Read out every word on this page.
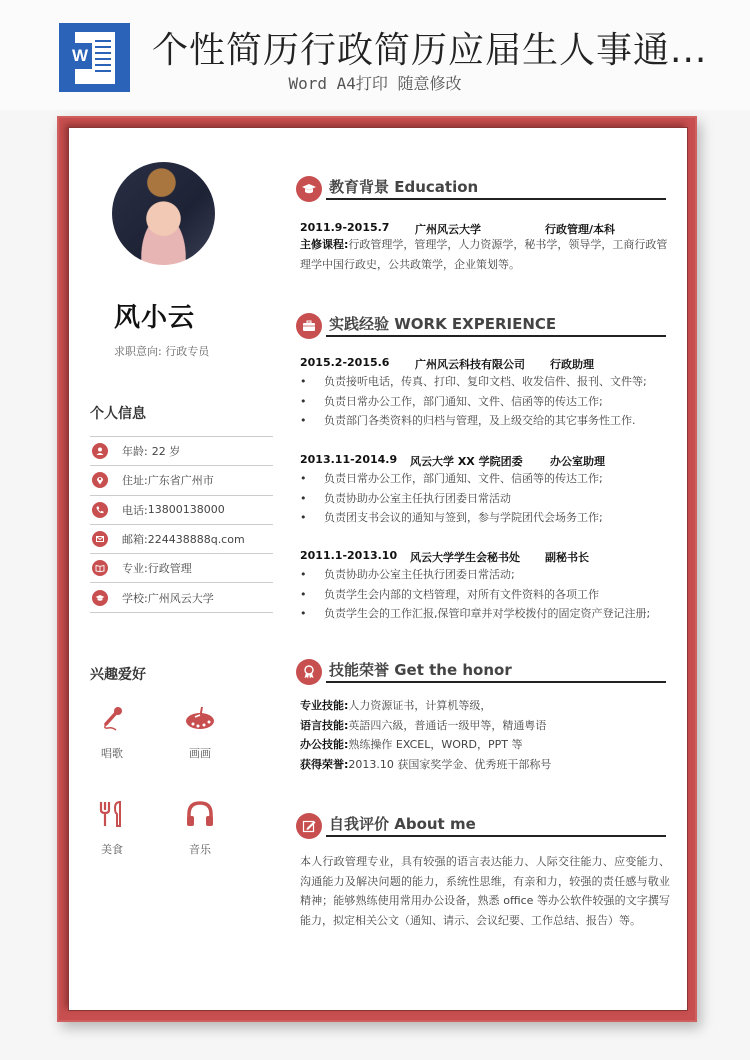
W 个性简历行政简历应届生人事通...
Word A4打印 随意修改
风小云
求职意向: 行政专员
个人信息
年龄: 22 岁
住址: 广东省广州市
电话: 13800138000
邮箱: 224438888q.com
专业: 行政管理
学校: 广州风云大学
兴趣爱好
唱歌	画画
美食	音乐
教育背景 Education
2011.9-2015.7 广州风云大学	行政管理/本科
主修课程:行政管理学，管理学，人力资源学，秘书学，领导学，工商行政管理学中国行政史，公共政策学，企业策划等。
实践经验 WORK EXPERIENCE
2015.2-2015.6 广州风云科技有限公司 行政助理
• 负责接听电话，传真、打印、复印文档、收发信件、报刊、文件等;
• 负责日常办公工作，部门通知、文件、信函等的传达工作;
• 负责部门各类资料的归档与管理，及上级交给的其它事务性工作.
2013.11-2014.9 风云大学 XX 学院团委 办公室助理
• 负责日常办公工作，部门通知、文件、信函等的传达工作;
• 负责协助办公室主任执行团委日常活动
• 负责团支书会议的通知与签到，参与学院团代会场务工作;
2011.1-2013.10 风云大学学生会秘书处 副秘书长
• 负责协助办公室主任执行团委日常活动;
• 负责学生会内部的文档管理，对所有文件资料的各项工作
• 负责学生会的工作汇报,保管印章并对学校拨付的固定资产登记注册;
技能荣誉 Get the honor
专业技能:人力资源证书，计算机等级，
语言技能:英語四六級，普通话一级甲等，精通粤语
办公技能:熟练操作 EXCEL，WORD，PPT 等
获得荣誉:2013.10 获国家奖学金、优秀班干部称号
自我评价 About me
本人行政管理专业，具有较强的语言表达能力、人际交往能力、应变能力、沟通能力及解决问题的能力，系统性思维，有亲和力，较强的责任感与敬业精神；能够熟练使用常用办公设备，熟悉 office 等办公软件较强的文字撰写能力，拟定相关公文（通知、请示、会议纪要、工作总结、报告）等。
